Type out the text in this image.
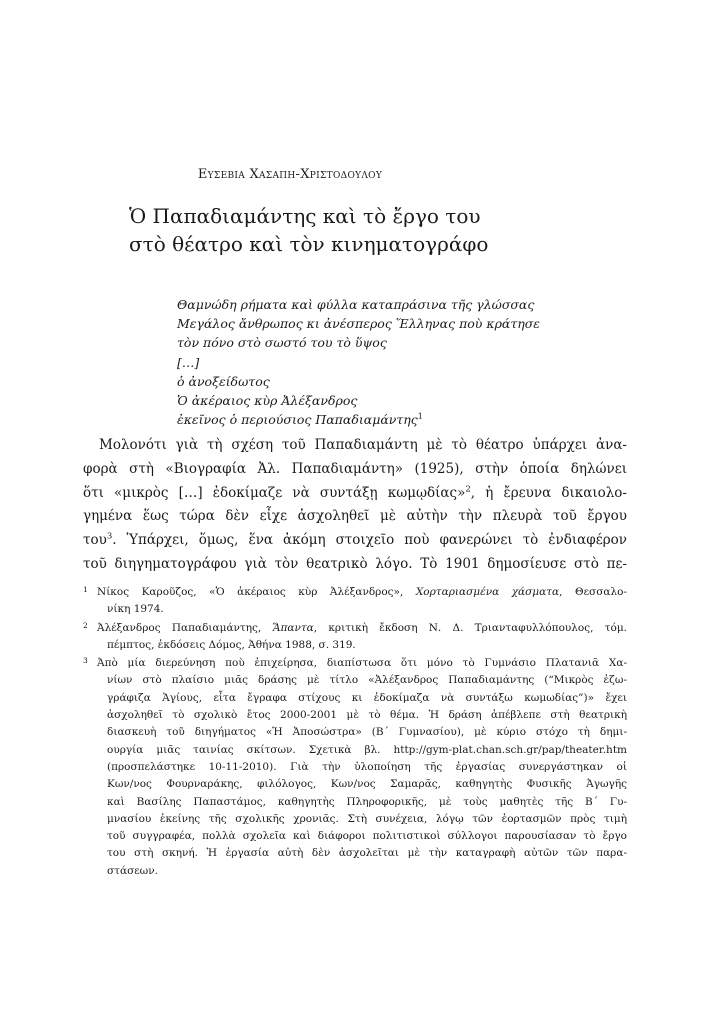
Ευσεβια Χασαπη-Χριστοδουλου
Ὁ Παπαδιαμάντης καὶ τὸ ἔργο του
στὸ θέατρο καὶ τὸν κινηματογράφο
Θαμνώδη ρήματα καὶ φύλλα καταπράσινα τῆς γλώσσας
Μεγάλος ἄνθρωπος κι ἀνέσπερος Ἕλληνας ποὺ κράτησε
τὸν πόνο στὸ σωστό του τὸ ὕψος
[…]
ὁ ἀνοξείδωτος
Ὁ ἀκέραιος κὺρ Ἀλέξανδρος
ἐκεῖνος ὁ περιούσιος Παπαδιαμάντης$^1$
Μολονότι γιὰ τὴ σχέση τοῦ Παπαδιαμάντη μὲ τὸ θέατρο ὑπάρχει ἀνα-
φορὰ στὴ «Βιογραφία Ἀλ. Παπαδιαμάντη» (1925), στὴν ὁποία δηλώνει
ὅτι «μικρὸς […] ἐδοκίμαζε νὰ συντάξῃ κωμῳδίας»$^2$, ἡ ἔρευνα δικαιολο-
γημένα ἕως τώρα δὲν εἶχε ἀσχοληθεῖ μὲ αὐτὴν τὴν πλευρὰ τοῦ ἔργου
του$^3$. Ὑπάρχει, ὅμως, ἕνα ἀκόμη στοιχεῖο ποὺ φανερώνει τὸ ἐνδιαφέρον
τοῦ διηγηματογράφου γιὰ τὸν θεατρικὸ λόγο. Τὸ 1901 δημοσίευσε στὸ πε-
1 Νίκος Καροῦζος, «Ὁ ἀκέραιος κὺρ Ἀλέξανδρος», Χορταριασμένα χάσματα, Θεσσαλο-
νίκη 1974.
2 Ἀλέξανδρος Παπαδιαμάντης, Ἅπαντα, κριτικὴ ἔκδοση Ν. Δ. Τριανταφυλλόπουλος, τόμ.
πέμπτος, ἐκδόσεις Δόμος, Ἀθήνα 1988, σ. 319.
3 Ἀπὸ μία διερεύνηση ποὺ ἐπιχείρησα, διαπίστωσα ὅτι μόνο τὸ Γυμνάσιο Πλατανιᾶ Χα-
νίων στὸ πλαίσιο μιᾶς δράσης μὲ τίτλο «Ἀλέξανδρος Παπαδιαμάντης (“Μικρὸς ἐζω-
γράφιζα Ἁγίους, εἶτα ἔγραφα στίχους κι ἐδοκίμαζα νὰ συντάξω κωμωδίας”)» ἔχει
ἀσχοληθεῖ τὸ σχολικὸ ἔτος 2000-2001 μὲ τὸ θέμα. Ἡ δράση ἀπέβλεπε στὴ θεατρικὴ
διασκευὴ τοῦ διηγήματος «Ἡ Ἀποσώστρα» (Β´ Γυμνασίου), μὲ κύριο στόχο τὴ δημι-
ουργία μιᾶς ταινίας σκίτσων. Σχετικὰ βλ. http://gym-plat.chan.sch.gr/pap/theater.htm
(προσπελάστηκε 10-11-2010). Γιὰ τὴν ὑλοποίηση τῆς ἐργασίας συνεργάστηκαν οἱ
Κων/νος Φουρναράκης, φιλόλογος, Κων/νος Σαμαρᾶς, καθηγητὴς Φυσικῆς Ἀγωγῆς
καὶ Βασίλης Παπαστάμος, καθηγητὴς Πληροφορικῆς, μὲ τοὺς μαθητὲς τῆς Β´ Γυ-
μνασίου ἐκείνης τῆς σχολικῆς χρονιᾶς. Στὴ συνέχεια, λόγῳ τῶν ἑορτασμῶν πρὸς τιμὴ
τοῦ συγγραφέα, πολλὰ σχολεῖα καὶ διάφοροι πολιτιστικοὶ σύλλογοι παρουσίασαν τὸ ἔργο
του στὴ σκηνή. Ἡ ἐργασία αὐτὴ δὲν ἀσχολεῖται μὲ τὴν καταγραφὴ αὐτῶν τῶν παρα-
στάσεων.
